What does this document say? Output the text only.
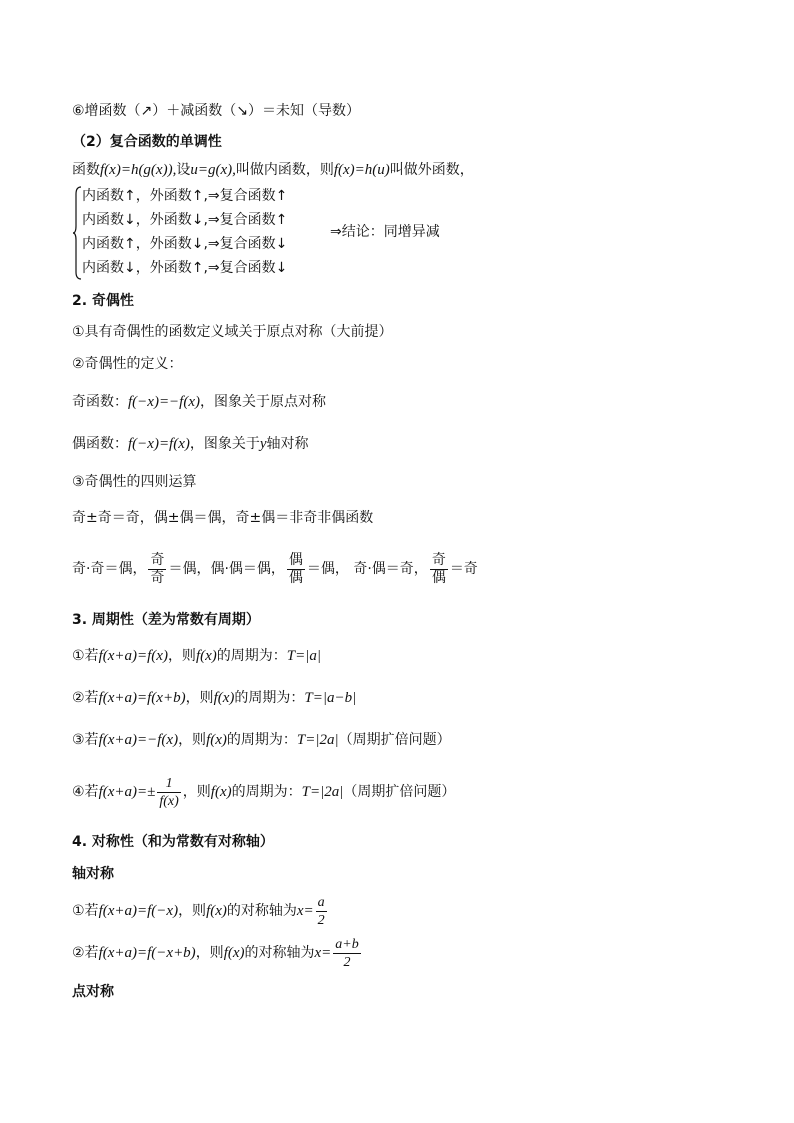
⑥增函数（↗）＋减函数（↘）＝未知（导数）
（2）复合函数的单调性
函数f(x)=h(g(x)),设u=g(x),叫做内函数，则f(x)=h(u)叫做外函数，
内函数↑，外函数↑,⇒复合函数↑
内函数↓，外函数↓,⇒复合函数↑
内函数↑，外函数↓,⇒复合函数↓
内函数↓，外函数↑,⇒复合函数↓
⇒结论：同增异减
2. 奇偶性
①具有奇偶性的函数定义域关于原点对称（大前提）
②奇偶性的定义：
奇函数：f(−x)=−f(x)，图象关于原点对称
偶函数：f(−x)=f(x)，图象关于y轴对称
③奇偶性的四则运算
奇±奇＝奇，偶±偶＝偶，奇±偶＝非奇非偶函数
奇·奇＝偶， $\frac{\text{奇}}{\text{奇}}$ ＝偶，偶·偶＝偶， $\frac{\text{偶}}{\text{偶}}$ ＝偶， 奇·偶＝奇， $\frac{\text{奇}}{\text{偶}}$ ＝奇
3. 周期性（差为常数有周期）
①若f(x+a)=f(x)，则f(x)的周期为：T=|a|
②若f(x+a)=f(x+b)，则f(x)的周期为：T=|a−b|
③若f(x+a)=−f(x)，则f(x)的周期为：T=|2a|（周期扩倍问题）
④若$f(x+a)=\pm \frac{1}{f(x)}$ ，则f(x)的周期为：T=|2a|（周期扩倍问题）
4. 对称性（和为常数有对称轴）
轴对称
①若f(x+a)=f(−x)，则f(x)的对称轴为$x= \frac{a}{2}$
②若f(x+a)=f(−x+b)，则f(x)的对称轴为$x= \frac{a+b}{2}$
点对称
